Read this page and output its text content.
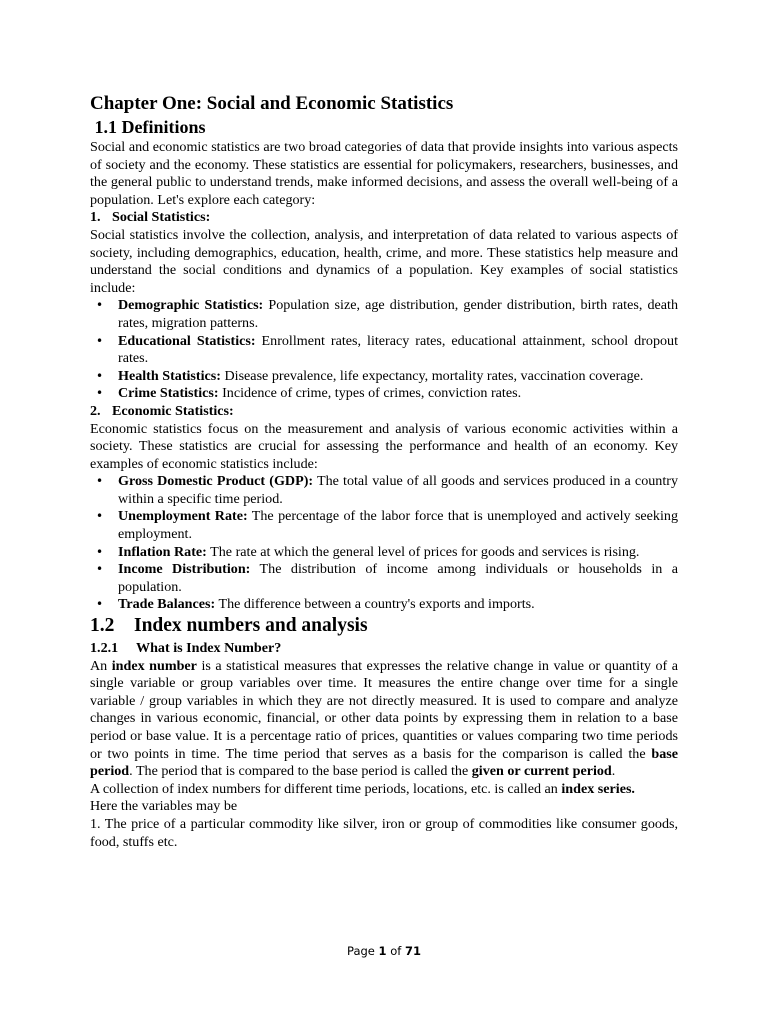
Chapter One: Social and Economic Statistics
1.1 Definitions

Social and economic statistics are two broad categories of data that provide insights into various aspects of society and the economy. These statistics are essential for policymakers, researchers, businesses, and the general public to understand trends, make informed decisions, and assess the overall well-being of a population. Let's explore each category:

1. Social Statistics:

Social statistics involve the collection, analysis, and interpretation of data related to various aspects of society, including demographics, education, health, crime, and more. These statistics help measure and understand the social conditions and dynamics of a population. Key examples of social statistics include:

• Demographic Statistics: Population size, age distribution, gender distribution, birth rates, death rates, migration patterns.
• Educational Statistics: Enrollment rates, literacy rates, educational attainment, school dropout rates.
• Health Statistics: Disease prevalence, life expectancy, mortality rates, vaccination coverage.
• Crime Statistics: Incidence of crime, types of crimes, conviction rates.
2. Economic Statistics:

Economic statistics focus on the measurement and analysis of various economic activities within a society. These statistics are crucial for assessing the performance and health of an economy. Key examples of economic statistics include:

• Gross Domestic Product (GDP): The total value of all goods and services produced in a country within a specific time period.
• Unemployment Rate: The percentage of the labor force that is unemployed and actively seeking employment.
• Inflation Rate: The rate at which the general level of prices for goods and services is rising.
• Income Distribution: The distribution of income among individuals or households in a population.
• Trade Balances: The difference between a country's exports and imports.
1.2	Index numbers and analysis
1.2.1	What is Index Number?

An index number is a statistical measures that expresses the relative change in value or quantity of a single variable or group variables over time. It measures the entire change over time for a single variable / group variables in which they are not directly measured. It is used to compare and analyze changes in various economic, financial, or other data points by expressing them in relation to a base period or base value. It is a percentage ratio of prices, quantities or values comparing two time periods or two points in time. The time period that serves as a basis for the comparison is called the base period. The period that is compared to the base period is called the given or current period.

A collection of index numbers for different time periods, locations, etc. is called an index series.

Here the variables may be

1. The price of a particular commodity like silver, iron or group of commodities like consumer goods, food, stuffs etc.

Page 1 of 71
